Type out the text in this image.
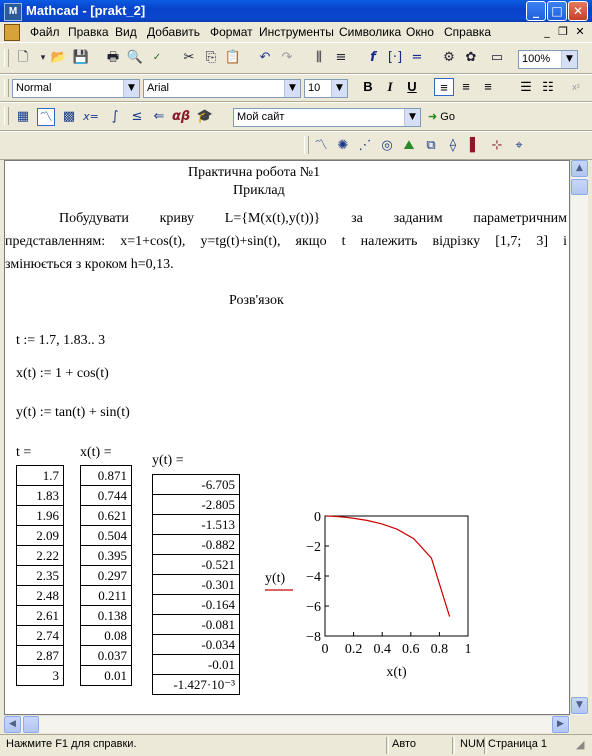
M Mathcad - [prakt_2]	_	□ ✕
Файл Правка Вид Добавить Формат Инструменты Символика Окно Справка	_ ❐ ✕
🗋	▾ 📂 💾 🖶 🔍 ✓	✂ ⎘ 📋 ↶ ↷	⫼	≡	f [·] = ⚙ ✿ ▭	100%	▼
Normal	▼	Arial	▼	10	▼	B	I	U	≡	≡	≡	☰ ☷	x²
▦ 〽 ▩ x= ∫	≤ ⇐ αβ 🎓	Мой сайт	▼	➜ Go
〽 ✺ ⋰ ◎ ⛰ ⧉	⟠	▌ ⊹ ⌖
Практична робота №1
Приклад
Побудувати криву L={M(x(t),y(t))} за заданим параметричним
представленням: x=1+cos(t), y=tg(t)+sin(t), якщо t належить відрізку [1,7; 3] і
змінюється з кроком h=0,13.
Розв'язок
t := 1.7, 1.83.. 3
x(t) := 1 + cos(t)
y(t) := tan(t) + sin(t)
t =	x(t) =
y(t) =
1.7
1.83
1.96
2.09
2.22
2.35
2.48
2.61
2.74
2.87
3
0.871
0.744
0.621
0.504
0.395
0.297
0.211
0.138
0.08
0.037
0.01
-6.705
-2.805
-1.513
-0.882
-0.521
-0.301
-0.164
-0.081
-0.034
-0.01
-1.427·10⁻³
0 0.2 0.4 0.6 0.8 1
0
−2
−4
−6
−8
x(t)
y(t)
▲
▼
◀	▶
Нажмите F1 для справки.	Авто	NUM Страница 1	◢
